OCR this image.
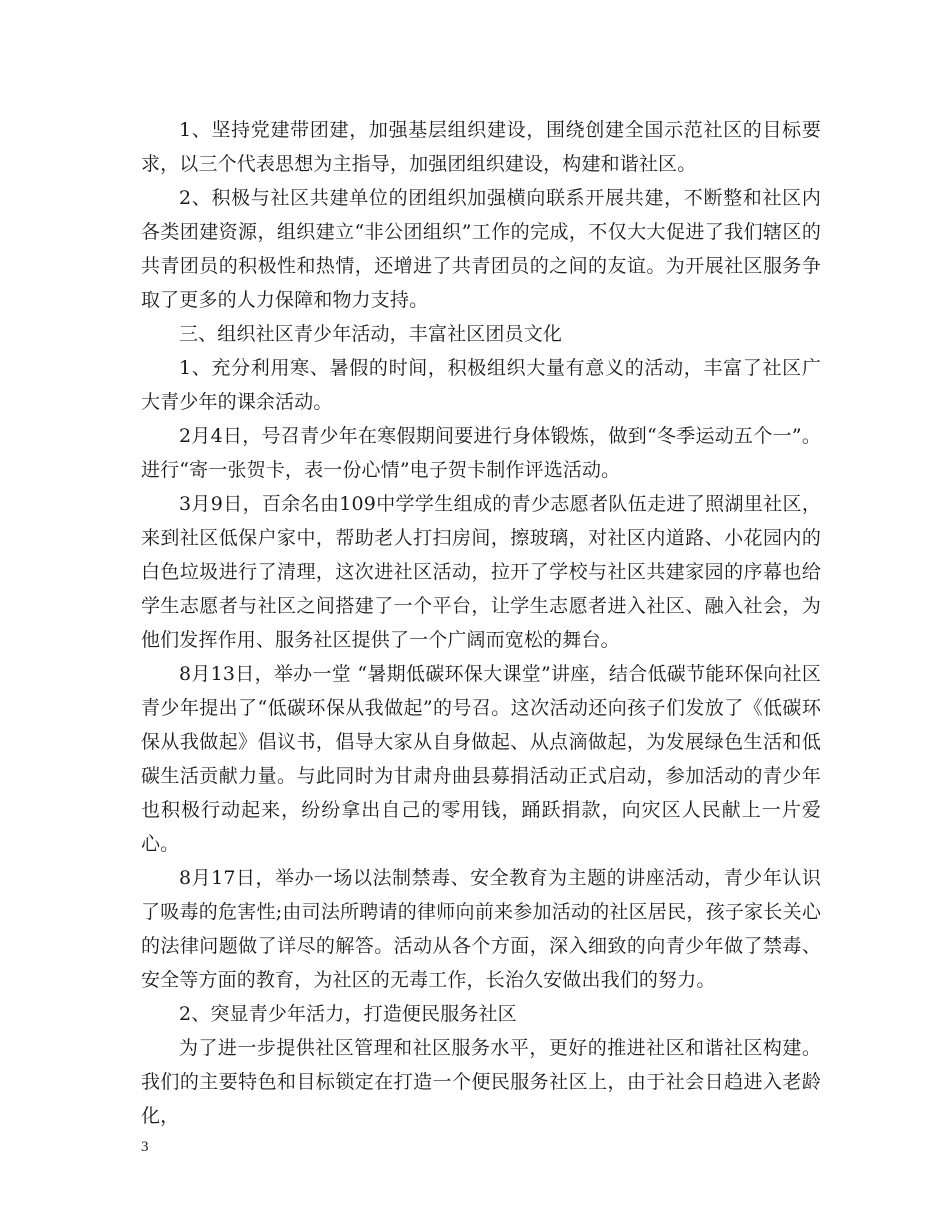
1、坚持党建带团建，加强基层组织建设，围绕创建全国示范社区的目标要求，以三个代表思想为主指导，加强团组织建设，构建和谐社区。

2、积极与社区共建单位的团组织加强横向联系开展共建，不断整和社区内各类团建资源，组织建立“非公团组织”工作的完成，不仅大大促进了我们辖区的共青团员的积极性和热情，还增进了共青团员的之间的友谊。为开展社区服务争取了更多的人力保障和物力支持。

三、组织社区青少年活动，丰富社区团员文化

1、充分利用寒、暑假的时间，积极组织大量有意义的活动，丰富了社区广大青少年的课余活动。

2月4日，号召青少年在寒假期间要进行身体锻炼，做到“冬季运动五个一”。进行“寄一张贺卡，表一份心情”电子贺卡制作评选活动。

3月9日，百余名由109中学学生组成的青少志愿者队伍走进了照湖里社区，来到社区低保户家中，帮助老人打扫房间，擦玻璃，对社区内道路、小花园内的白色垃圾进行了清理，这次进社区活动，拉开了学校与社区共建家园的序幕也给学生志愿者与社区之间搭建了一个平台，让学生志愿者进入社区、融入社会，为他们发挥作用、服务社区提供了一个广阔而宽松的舞台。

8月13日，举办一堂 “暑期低碳环保大课堂”讲座，结合低碳节能环保向社区青少年提出了“低碳环保从我做起”的号召。这次活动还向孩子们发放了《低碳环保从我做起》倡议书，倡导大家从自身做起、从点滴做起，为发展绿色生活和低碳生活贡献力量。与此同时为甘肃舟曲县募捐活动正式启动，参加活动的青少年也积极行动起来，纷纷拿出自己的零用钱，踊跃捐款，向灾区人民献上一片爱心。

8月17日，举办一场以法制禁毒、安全教育为主题的讲座活动，青少年认识了吸毒的危害性;由司法所聘请的律师向前来参加活动的社区居民，孩子家长关心的法律问题做了详尽的解答。活动从各个方面，深入细致的向青少年做了禁毒、安全等方面的教育，为社区的无毒工作，长治久安做出我们的努力。

2、突显青少年活力，打造便民服务社区

为了进一步提供社区管理和社区服务水平，更好的推进社区和谐社区构建。我们的主要特色和目标锁定在打造一个便民服务社区上，由于社会日趋进入老龄化，

3
